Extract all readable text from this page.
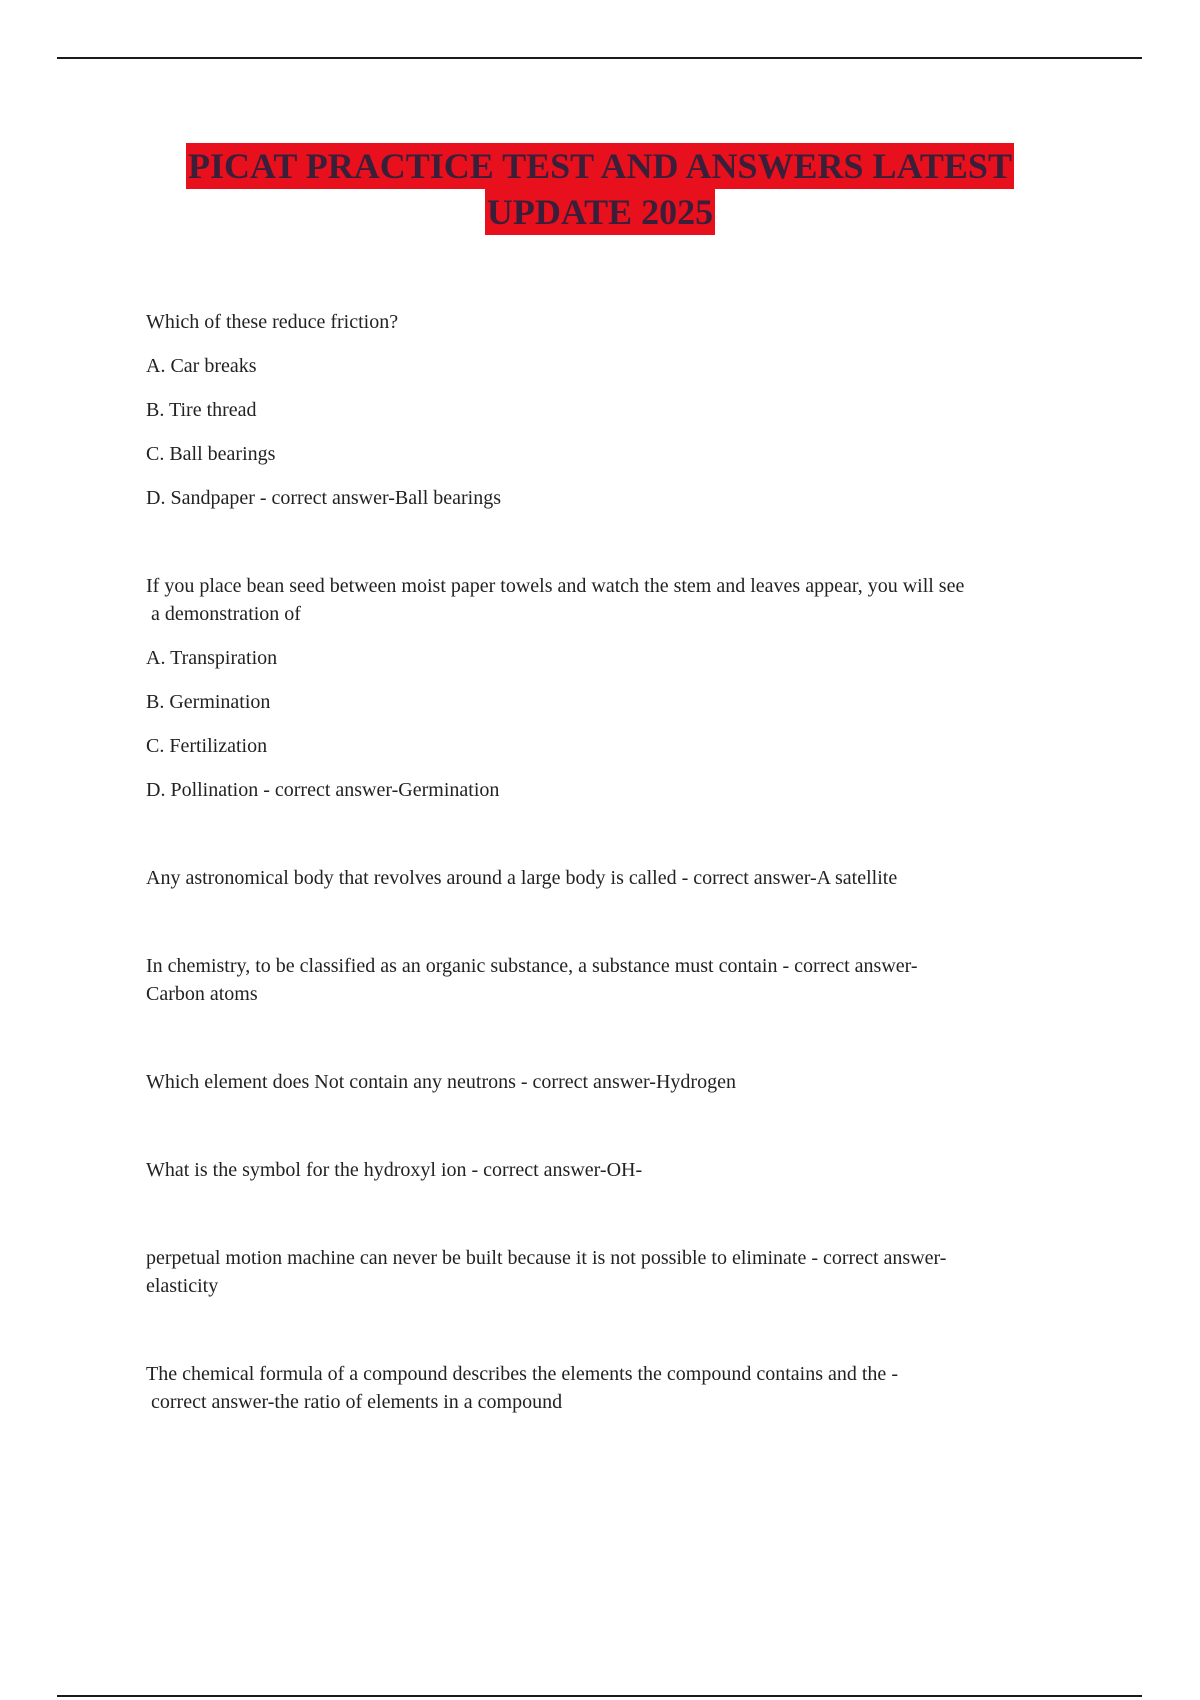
PICAT PRACTICE TEST AND ANSWERS LATEST
UPDATE 2025
Which of these reduce friction?
A. Car breaks
B. Tire thread
C. Ball bearings
D. Sandpaper - correct answer-Ball bearings
If you place bean seed between moist paper towels and watch the stem and leaves appear, you will see
a demonstration of
A. Transpiration
B. Germination
C. Fertilization
D. Pollination - correct answer-Germination
Any astronomical body that revolves around a large body is called - correct answer-A satellite
In chemistry, to be classified as an organic substance, a substance must contain - correct answer-
Carbon atoms
Which element does Not contain any neutrons - correct answer-Hydrogen
What is the symbol for the hydroxyl ion - correct answer-OH-
perpetual motion machine can never be built because it is not possible to eliminate - correct answer-
elasticity
The chemical formula of a compound describes the elements the compound contains and the -
correct answer-the ratio of elements in a compound
